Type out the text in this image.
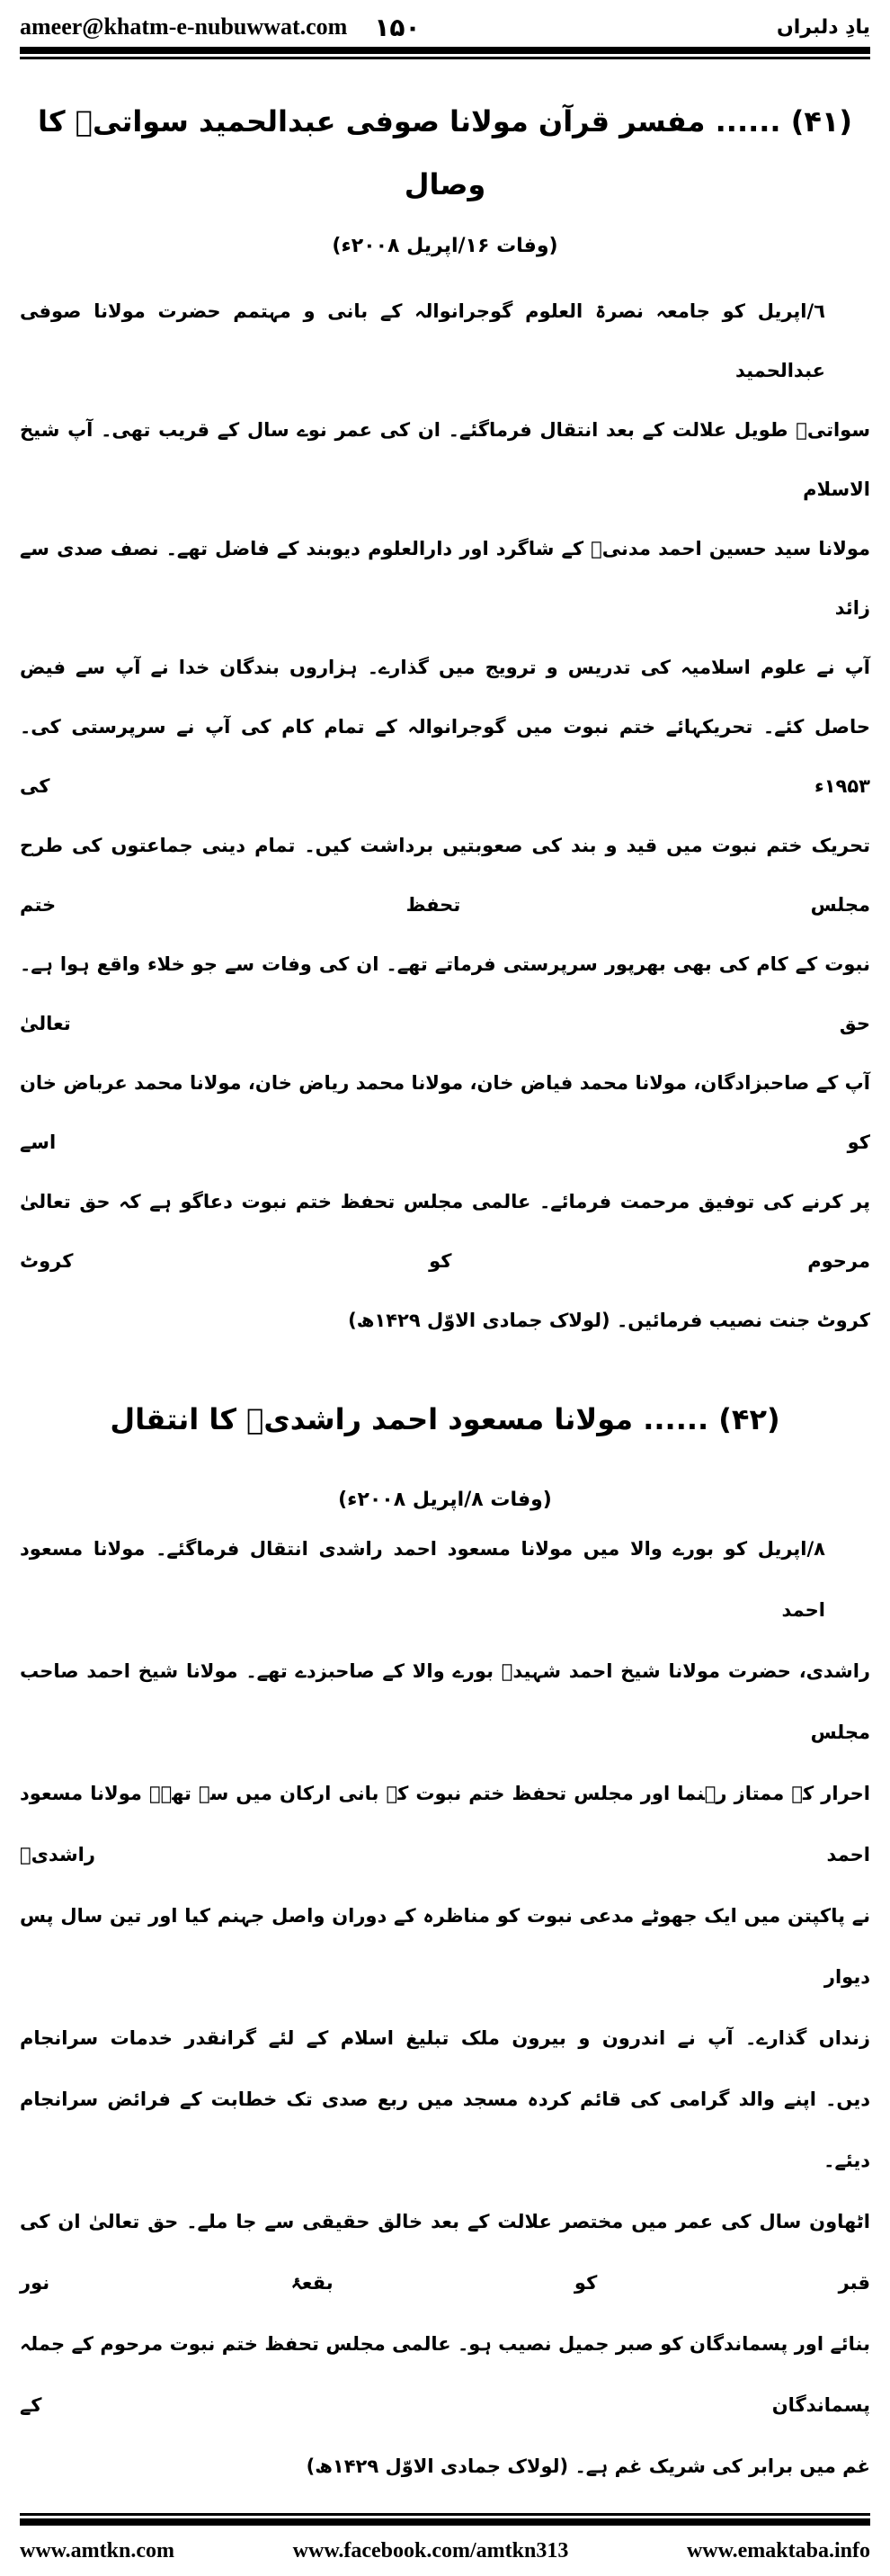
ameer@khatm-e-nubuwwat.com ۱۵۰	یادِ دلبراں
(۴۱) ...... مفسر قرآن مولانا صوفی عبدالحمید سواتیؒ کا وصال
(وفات ۱۶/اپریل ۲۰۰۸ء)
٦/اپریل کو جامعہ نصرۃ العلوم گوجرانوالہ کے بانی و مہتمم حضرت مولانا صوفی عبدالحمید
سواتیؒ طویل علالت کے بعد انتقال فرماگئے۔ ان کی عمر نوے سال کے قریب تھی۔ آپ شیخ الاسلام
مولانا سید حسین احمد مدنیؒ کے شاگرد اور دارالعلوم دیوبند کے فاضل تھے۔ نصف صدی سے زائد
آپ نے علوم اسلامیہ کی تدریس و ترویج میں گذارے۔ ہزاروں بندگان خدا نے آپ سے فیض
حاصل کئے۔ تحریکہائے ختم نبوت میں گوجرانوالہ کے تمام کام کی آپ نے سرپرستی کی۔ ۱۹۵۳ء کی
تحریک ختم نبوت میں قید و بند کی صعوبتیں برداشت کیں۔ تمام دینی جماعتوں کی طرح مجلس تحفظ ختم
نبوت کے کام کی بھی بھرپور سرپرستی فرماتے تھے۔ ان کی وفات سے جو خلاء واقع ہوا ہے۔ حق تعالیٰ
آپ کے صاحبزادگان، مولانا محمد فیاض خان، مولانا محمد ریاض خان، مولانا محمد عرباض خان کو اسے
پر کرنے کی توفیق مرحمت فرمائے۔ عالمی مجلس تحفظ ختم نبوت دعاگو ہے کہ حق تعالیٰ مرحوم کو کروٹ
کروٹ جنت نصیب فرمائیں۔ (لولاک جمادی الاوّل ۱۴۲۹ھ)
(۴۲) ...... مولانا مسعود احمد راشدیؒ کا انتقال
(وفات ۸/اپریل ۲۰۰۸ء)
۸/اپریل کو بورے والا میں مولانا مسعود احمد راشدی انتقال فرماگئے۔ مولانا مسعود احمد
راشدی، حضرت مولانا شیخ احمد شہیدؒ بورے والا کے صاحبزدے تھے۔ مولانا شیخ احمد صاحب مجلس
احرار کے ممتاز رہنما اور مجلس تحفظ ختم نبوت کے بانی ارکان میں سے تھے۔ مولانا مسعود احمد راشدیؒ
نے پاکپتن میں ایک جھوٹے مدعی نبوت کو مناظرہ کے دوران واصل جہنم کیا اور تین سال پس دیوار
زنداں گذارے۔ آپ نے اندرون و بیرون ملک تبلیغ اسلام کے لئے گرانقدر خدمات سرانجام
دیں۔ اپنے والد گرامی کی قائم کردہ مسجد میں ربع صدی تک خطابت کے فرائض سرانجام دیئے۔
اٹھاون سال کی عمر میں مختصر علالت کے بعد خالق حقیقی سے جا ملے۔ حق تعالیٰ ان کی قبر کو بقعۂ نور
بنائے اور پسماندگان کو صبر جمیل نصیب ہو۔ عالمی مجلس تحفظ ختم نبوت مرحوم کے جملہ پسماندگان کے
غم میں برابر کی شریک غم ہے۔ (لولاک جمادی الاوّل ۱۴۲۹ھ)
www.amtkn.com	www.facebook.com/amtkn313	www.emaktaba.info
